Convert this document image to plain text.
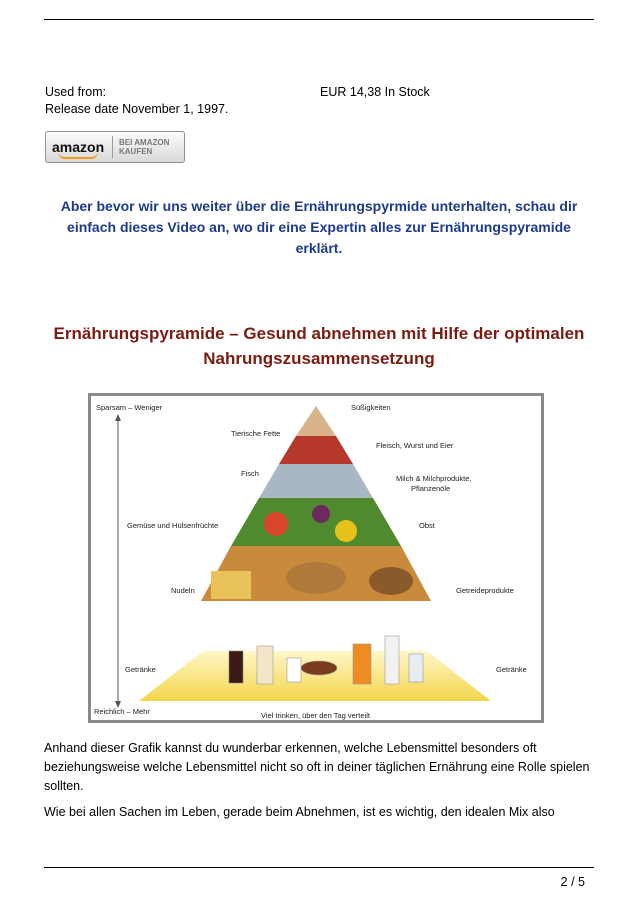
Used from:	EUR 14,38 In Stock
Release date November 1, 1997.
amazon	BEI AMAZON
KAUFEN
Aber bevor wir uns weiter über die Ernährungspyrmide unterhalten, schau dir einfach dieses Video an, wo dir eine Expertin alles zur Ernährungspyramide erklärt.
Ernährungspyramide – Gesund abnehmen mit Hilfe der optimalen Nahrungszusammensetzung
Sparsam – Weniger	Süßigkeiten
Tierische Fette
Fleisch, Wurst und Eier
Fisch
Milch & Milchprodukte,
Pflanzenöle
Gemüse und Hülsenfrüchte	Obst
Nudeln	Getreideprodukte
Getränke	Getränke
Reichlich – Mehr	Viel trinken, über den Tag verteilt
Anhand dieser Grafik kannst du wunderbar erkennen, welche Lebensmittel besonders oft beziehungsweise welche Lebensmittel nicht so oft in deiner täglichen Ernährung eine Rolle spielen sollten.
Wie bei allen Sachen im Leben, gerade beim Abnehmen, ist es wichtig, den idealen Mix also
2 / 5
